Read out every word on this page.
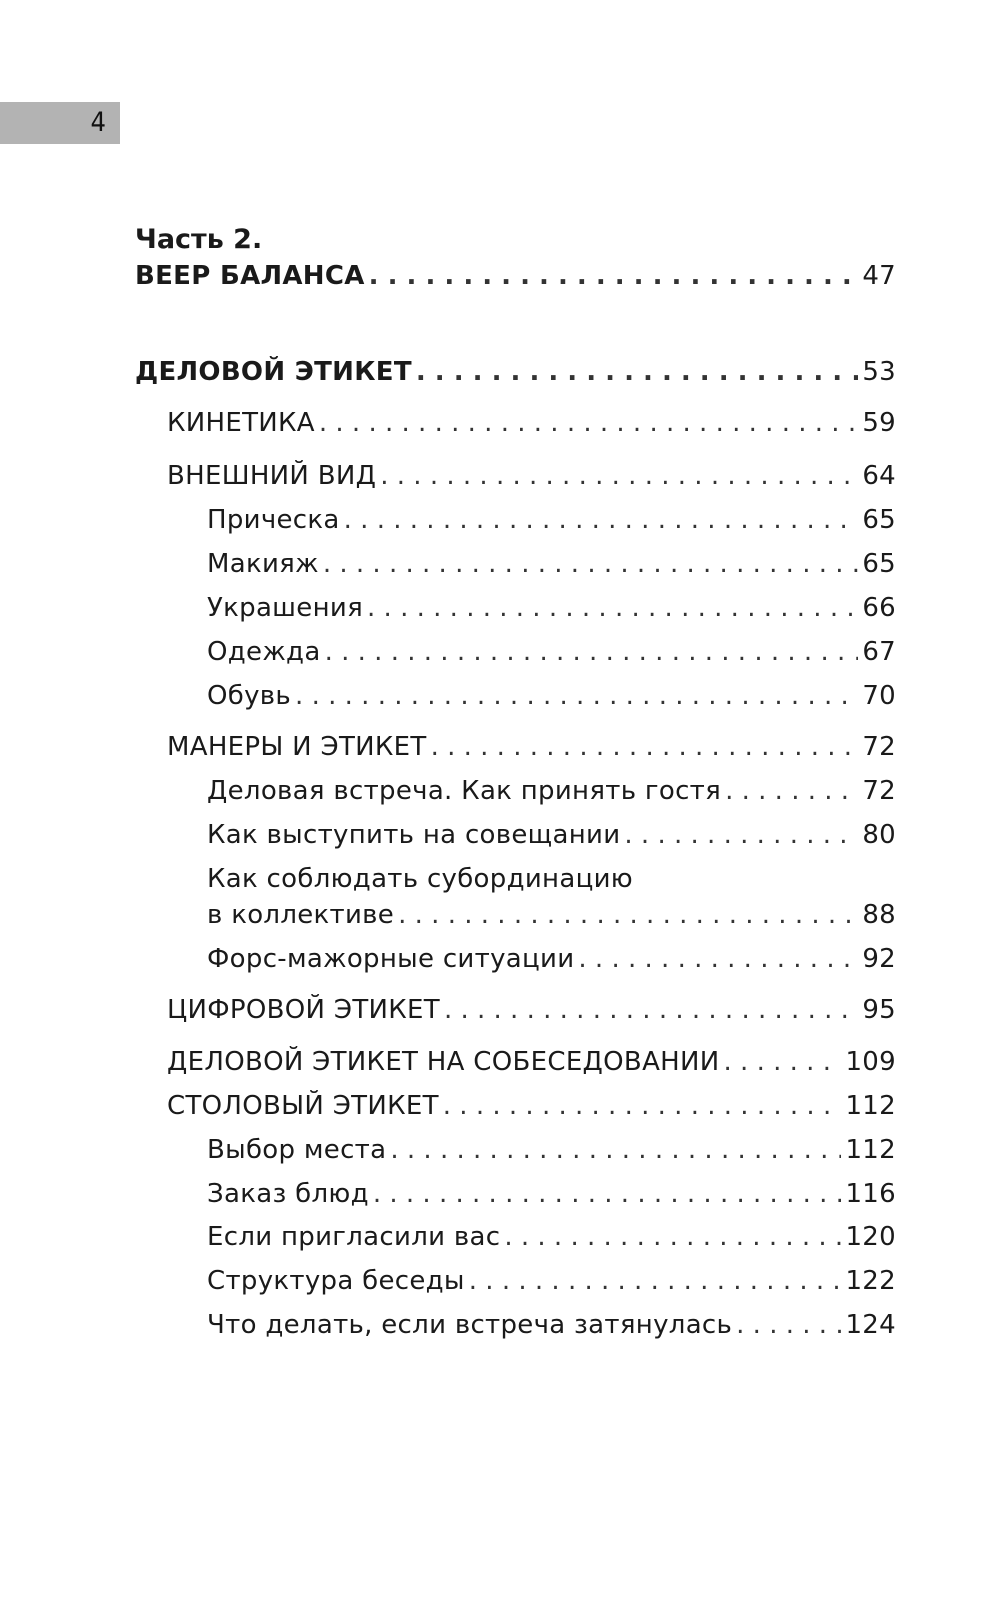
4
Часть 2.
ВЕЕР БАЛАНСА . . .	47
ДЕЛОВОЙ ЭТИКЕТ . . .	53
КИНЕТИКА . . .	59
ВНЕШНИЙ ВИД . . .	64
Прическа . . .	65
Макияж . . .	65
Украшения . . .	66
Одежда . . .	67
Обувь . . .	70
МАНЕРЫ И ЭТИКЕТ . . .	72
Деловая встреча. Как принять гостя . . .	72
Как выступить на совещании . . .	80
Как соблюдать субординацию
в коллективе . . .	88
Форс-мажорные ситуации . . .	92
ЦИФРОВОЙ ЭТИКЕТ . . .	95
ДЕЛОВОЙ ЭТИКЕТ НА СОБЕСЕДОВАНИИ . . .	109
СТОЛОВЫЙ ЭТИКЕТ . . .	112
Выбор места . . .	112
Заказ блюд . . .	116
Если пригласили вас . . .	120
Структура беседы . . .	122
Что делать, если встреча затянулась . . .	124
